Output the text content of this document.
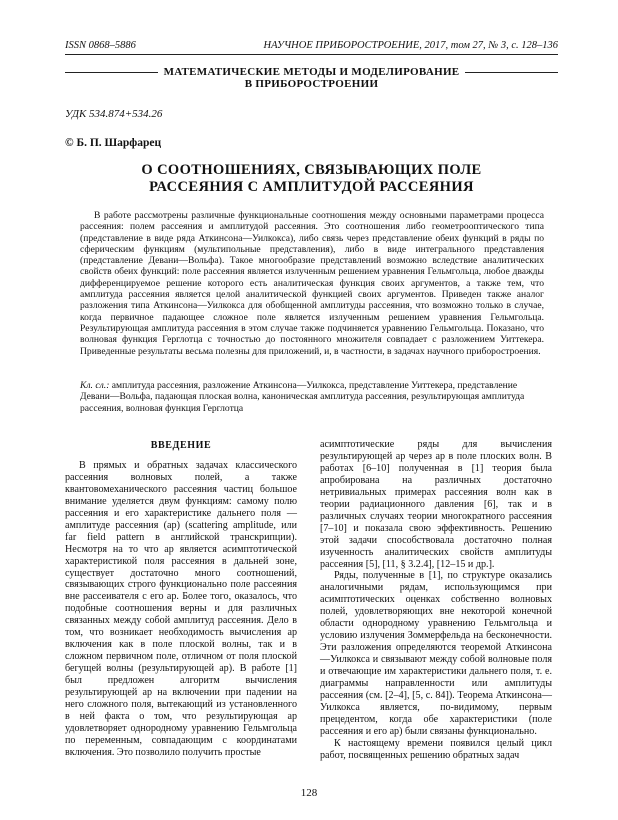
ISSN 0868–5886	НАУЧНОЕ ПРИБОРОСТРОЕНИЕ, 2017, том 27, № 3, с. 128–136
МАТЕМАТИЧЕСКИЕ МЕТОДЫ И МОДЕЛИРОВАНИЕ
В ПРИБОРОСТРОЕНИИ
УДК 534.874+534.26
© Б. П. Шарфарец
О СООТНОШЕНИЯХ, СВЯЗЫВАЮЩИХ ПОЛЕ
РАССЕЯНИЯ С АМПЛИТУДОЙ РАССЕЯНИЯ
В работе рассмотрены различные функциональные соотношения между основными параметрами процесса рассеяния: полем рассеяния и амплитудой рассеяния. Это соотношения либо геометрооптического типа (представление в виде ряда Аткинсона—Уилкокса), либо связь через представление обеих функций в ряды по сферическим функциям (мультипольные представления), либо в виде интегрального представления (представление Девани—Вольфа). Такое многообразие представлений возможно вследствие аналитических свойств обеих функций: поле рассеяния является излученным решением уравнения Гельмгольца, любое дважды дифференцируемое решение которого есть аналитическая функция своих аргументов, а также тем, что амплитуда рассеяния является целой аналитической функцией своих аргументов. Приведен также аналог разложения типа Аткинсона—Уилкокса для обобщенной амплитуды рассеяния, что возможно только в случае, когда первичное падающее сложное поле является излученным решением уравнения Гельмгольца. Результирующая амплитуда рассеяния в этом случае также подчиняется уравнению Гельмгольца. Показано, что волновая функция Герглотца с точностью до постоянного множителя совпадает с разложением Уиттекера. Приведенные результаты весьма полезны для приложений, и, в частности, в задачах научного приборостроения.
Кл. сл.: амплитуда рассеяния, разложение Аткинсона—Уилкокса, представление Уиттекера, представление Девани—Вольфа, падающая плоская волна, каноническая амплитуда рассеяния, результирующая амплитуда рассеяния, волновая функция Герглотца
ВВЕДЕНИЕ

В прямых и обратных задачах классического рассеяния волновых полей, а также квантовомеханического рассеяния частиц большое внимание уделяется двум функциям: самому полю рассеяния и его характеристике дальнего поля — амплитуде рассеяния (ар) (scattering amplitude, или far field pattern в английской транскрипции). Несмотря на то что ар является асимптотической характеристикой поля рассеяния в дальней зоне, существует достаточно много соотношений, связывающих строго функционально поле рассеяния вне рассеивателя с его ар. Более того, оказалось, что подобные соотношения верны и для различных связанных между собой амплитуд рассеяния. Дело в том, что возникает необходимость вычисления ар включения как в поле плоской волны, так и в сложном первичном поле, отличном от поля плоской бегущей волны (результирующей ар). В работе [1] был предложен алгоритм вычисления результирующей ар на включении при падении на него сложного поля, вытекающий из установленного в ней факта о том, что результирующая ар удовлетворяет однородному уравнению Гельмгольца по переменным, совпадающим с координатами включения. Это позволило получить простые

асимптотические ряды для вычисления результирующей ар через ар в поле плоских волн. В работах [6–10] полученная в [1] теория была апробирована на различных достаточно нетривиальных примерах рассеяния волн как в теории радиационного давления [6], так и в различных случаях теории многократного рассеяния [7–10] и показала свою эффективность. Решению этой задачи способствовала достаточно полная изученность аналитических свойств амплитуды рассеяния [5], [11, § 3.2.4], [12–15 и др.].

Ряды, полученные в [1], по структуре оказались аналогичными рядам, использующимся при асимптотических оценках собственно волновых полей, удовлетворяющих вне некоторой конечной области однородному уравнению Гельмгольца и условию излучения Зоммерфельда на бесконечности. Эти разложения определяются теоремой Аткинсона—Уилкокса и связывают между собой волновые поля и отвечающие им характеристики дальнего поля, т. е. диаграммы направленности или амплитуды рассеяния (см. [2–4], [5, с. 84]). Теорема Аткинсона—Уилкокса является, по-видимому, первым прецедентом, когда обе характеристики (поле рассеяния и его ар) были связаны функционально.

К настоящему времени появился целый цикл работ, посвященных решению обратных задач

128
